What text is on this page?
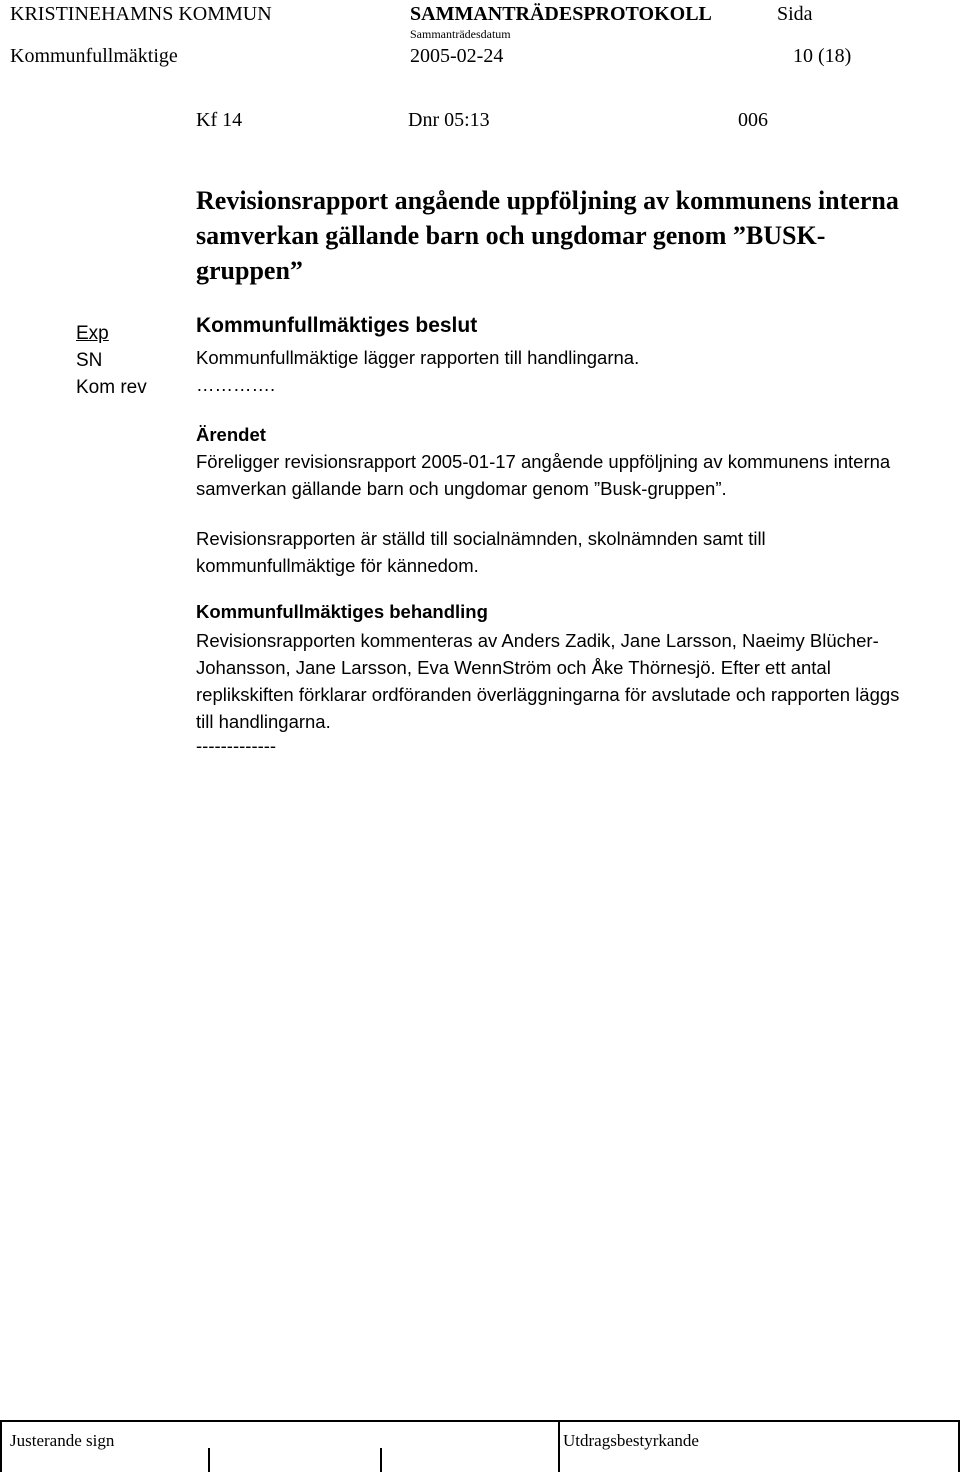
KRISTINEHAMNS KOMMUN	SAMMANTRÄDESPROTOKOLL	Sida
Sammanträdesdatum
Kommunfullmäktige	2005-02-24	10 (18)
Kf 14	Dnr 05:13	006
Revisionsrapport angående uppföljning av kommunens interna samverkan gällande barn och ungdomar genom ”BUSK-gruppen”
Exp
SN
Kom rev
Kommunfullmäktiges beslut
Kommunfullmäktige lägger rapporten till handlingarna.
………….
Ärendet
Föreligger revisionsrapport 2005-01-17 angående uppföljning av kommunens interna samverkan gällande barn och ungdomar genom ”Busk-gruppen”.
Revisionsrapporten är ställd till socialnämnden, skolnämnden samt till kommunfullmäktige för kännedom.
Kommunfullmäktiges behandling
Revisionsrapporten kommenteras av Anders Zadik, Jane Larsson, Naeimy Blücher-Johansson, Jane Larsson, Eva WennStröm och Åke Thörnesjö. Efter ett antal replikskiften förklarar ordföranden överläggningarna för avslutade och rapporten läggs till handlingarna.
-------------
Justerande sign	Utdragsbestyrkande
